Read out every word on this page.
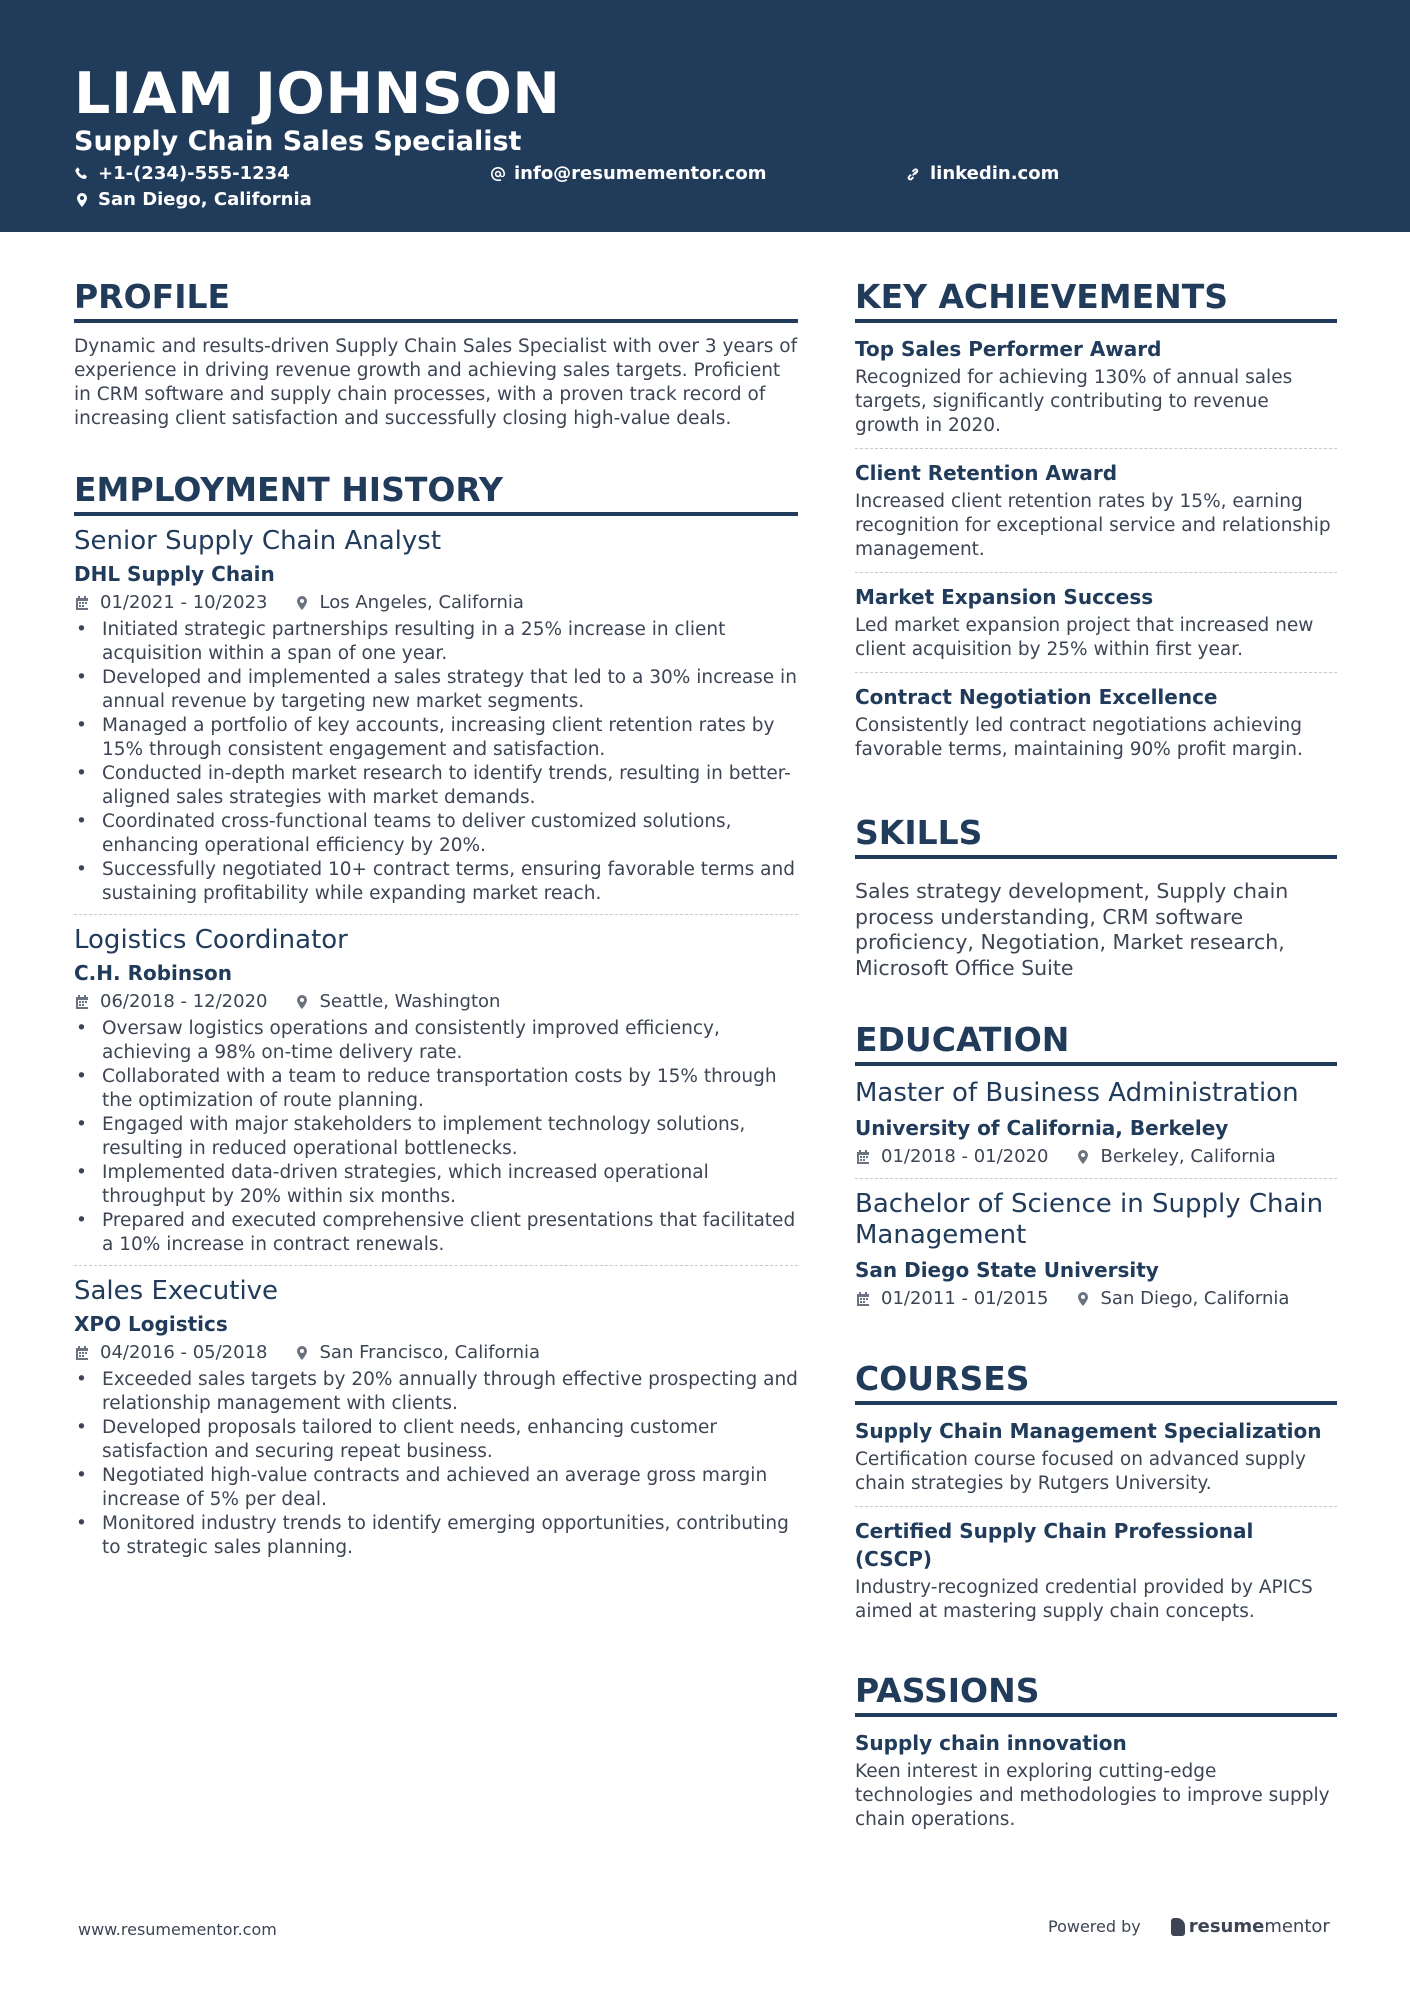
LIAM JOHNSON
Supply Chain Sales Specialist
+1-(234)-555-1234	info@resumementor.com	linkedin.com
San Diego, California
PROFILE
Dynamic and results-driven Supply Chain Sales Specialist with over 3 years of experience in driving revenue growth and achieving sales targets. Proficient in CRM software and supply chain processes, with a proven track record of increasing client satisfaction and successfully closing high-value deals.
EMPLOYMENT HISTORY
Senior Supply Chain Analyst
DHL Supply Chain
01/2021 - 10/2023	Los Angeles, California
• Initiated strategic partnerships resulting in a 25% increase in client acquisition within a span of one year.
• Developed and implemented a sales strategy that led to a 30% increase in annual revenue by targeting new market segments.
• Managed a portfolio of key accounts, increasing client retention rates by 15% through consistent engagement and satisfaction.
• Conducted in-depth market research to identify trends, resulting in better-aligned sales strategies with market demands.
• Coordinated cross-functional teams to deliver customized solutions, enhancing operational efficiency by 20%.
• Successfully negotiated 10+ contract terms, ensuring favorable terms and sustaining profitability while expanding market reach.
Logistics Coordinator
C.H. Robinson
06/2018 - 12/2020	Seattle, Washington
• Oversaw logistics operations and consistently improved efficiency, achieving a 98% on-time delivery rate.
• Collaborated with a team to reduce transportation costs by 15% through the optimization of route planning.
• Engaged with major stakeholders to implement technology solutions, resulting in reduced operational bottlenecks.
• Implemented data-driven strategies, which increased operational throughput by 20% within six months.
• Prepared and executed comprehensive client presentations that facilitated a 10% increase in contract renewals.
Sales Executive
XPO Logistics
04/2016 - 05/2018	San Francisco, California
• Exceeded sales targets by 20% annually through effective prospecting and relationship management with clients.
• Developed proposals tailored to client needs, enhancing customer satisfaction and securing repeat business.
• Negotiated high-value contracts and achieved an average gross margin increase of 5% per deal.
• Monitored industry trends to identify emerging opportunities, contributing to strategic sales planning.
KEY ACHIEVEMENTS
Top Sales Performer Award
Recognized for achieving 130% of annual sales targets, significantly contributing to revenue growth in 2020.
Client Retention Award
Increased client retention rates by 15%, earning recognition for exceptional service and relationship management.
Market Expansion Success
Led market expansion project that increased new client acquisition by 25% within first year.
Contract Negotiation Excellence
Consistently led contract negotiations achieving favorable terms, maintaining 90% profit margin.
SKILLS
Sales strategy development, Supply chain process understanding, CRM software proficiency, Negotiation, Market research, Microsoft Office Suite
EDUCATION
Master of Business Administration
University of California, Berkeley
01/2018 - 01/2020	Berkeley, California
Bachelor of Science in Supply Chain Management
San Diego State University
01/2011 - 01/2015	San Diego, California
COURSES
Supply Chain Management Specialization
Certification course focused on advanced supply chain strategies by Rutgers University.
Certified Supply Chain Professional (CSCP)
Industry-recognized credential provided by APICS aimed at mastering supply chain concepts.
PASSIONS
Supply chain innovation
Keen interest in exploring cutting-edge technologies and methodologies to improve supply chain operations.
www.resumementor.com	Powered by	resume mentor
